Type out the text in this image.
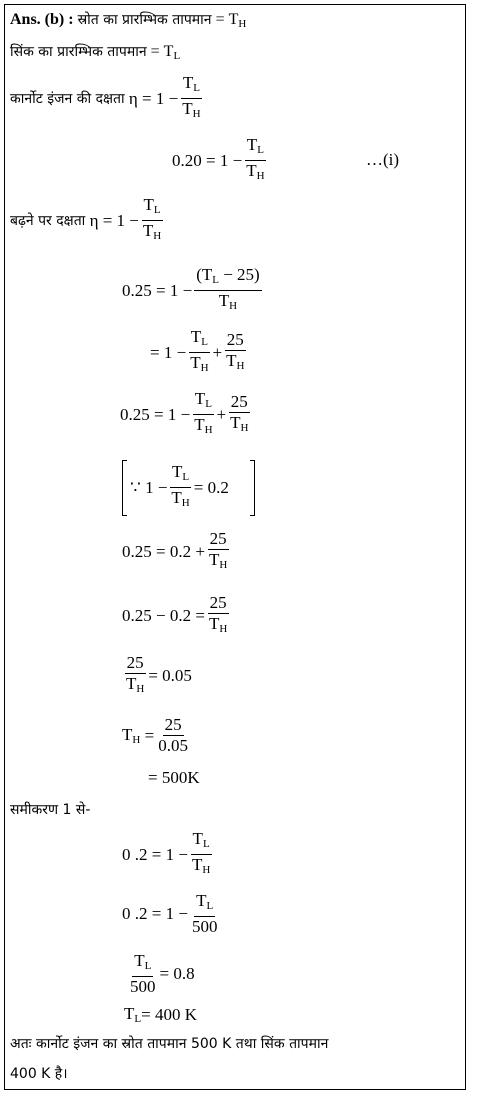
Ans. (b) : स्रोत का प्रारम्भिक तापमान = $T_H$
सिंक का प्रारम्भिक तापमान = $T_L$
कार्नोट इंजन की दक्षता
$\eta = 1 - \frac{T_L}{T_H}$
$0.20 = 1 - \frac{T_L}{T_H}$	…(i)
बढ़ने पर दक्षता
$\eta = 1 - \frac{T_L}{T_H}$
$0.25 = 1 - \frac{(T_L - 25)}{T_H}$
= $1 - \frac{T_L}{T_H} + \frac{25}{T_H}$
$0.25 = 1 - \frac{T_L}{T_H} + \frac{25}{T_H}$
∵ $1 - \frac{T_L}{T_H} = 0.2$
$0.25 = 0.2 + \frac{25}{T_H}$
$0.25 - 0.2 = \frac{25}{T_H}$
$\frac{25}{T_H} = 0.05$
$T_H$
= $\frac{25}{0.05}$
= 500K
समीकरण 1 से-
0 $.2 = 1 - \frac{T_L}{T_H}$
0 $.2 = 1 - \frac{T_L}{500}$
$\frac{T_L}{500} = 0.8$
$T_L = 400$ K
अतः कार्नोट इंजन का स्रोत तापमान 500 K तथा सिंक तापमान
400 K है।
